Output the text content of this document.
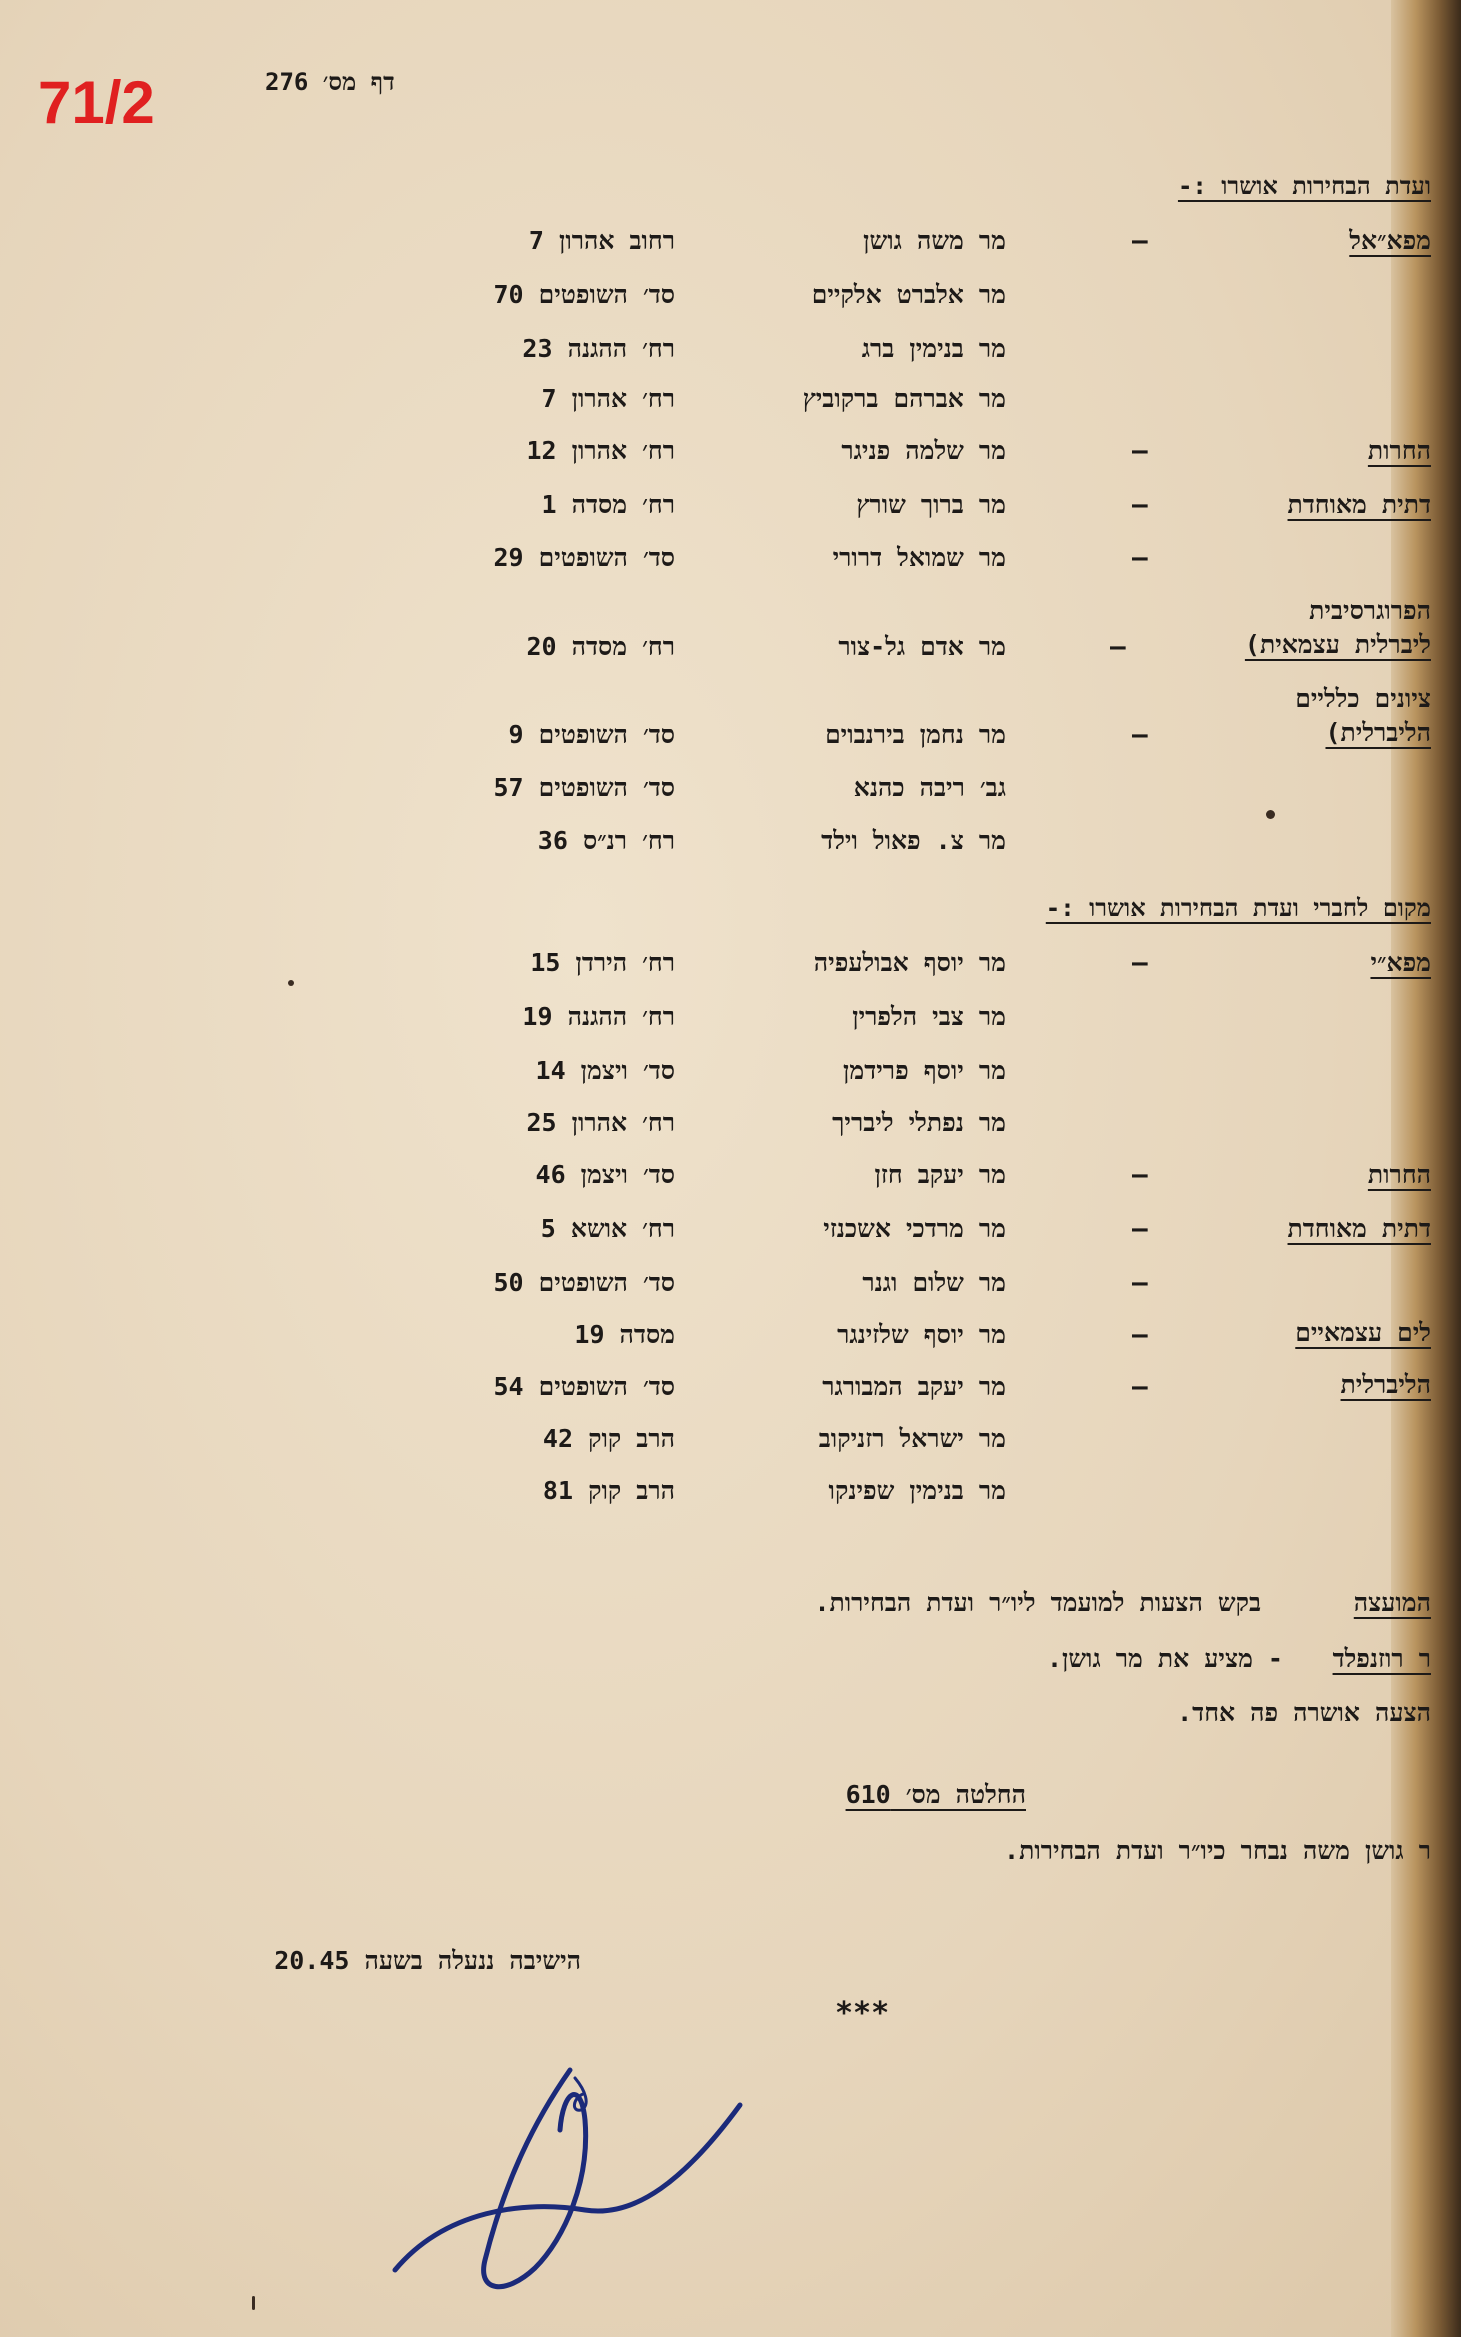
71/2	דף מס׳ 276
ועדת הבחירות אושרו :-
מפא״אל
החרות
דתית מאוחדת
הפרוגרסיבית
ליברלית עצמאית)
ציונים כלליים
הליברלית)
–
–
–
–
–
–
מר משה גושן
רחוב אהרון 7
מר אלברט אלקיים
סד׳ השופטים 70
מר בנימין ברג
רח׳ ההגנה 23
מר אברהם ברקוביץ
רח׳ אהרון 7
מר שלמה פניגר
רח׳ אהרון 12
מר ברוך שורץ
רח׳ מסדה 1
מר שמואל דרורי
סד׳ השופטים 29
מר אדם גל-צור
רח׳ מסדה 20
מר נחמן בירנבוים
סד׳ השופטים 9
גב׳ ריבה כהנא
סד׳ השופטים 57
מר צ. פאול וילד
רח׳ רנ״ס 36
מקום לחברי ועדת הבחירות אושרו :-
מפא״י
החרות
דתית מאוחדת
לים עצמאיים
הליברלית
–
–
–
–
–
–
מר יוסף אבולעפיה
רח׳ הירדן 15
מר צבי הלפרין
רח׳ ההגנה 19
מר יוסף פרידמן
סד׳ ויצמן 14
מר נפתלי ליבריך
רח׳ אהרון 25
מר יעקב חזן
סד׳ ויצמן 46
מר מרדכי אשכנזי
רח׳ אושא 5
מר שלום וגנר
סד׳ השופטים 50
מר יוסף שלזינגר
מסדה 19
מר יעקב המבורגר
סד׳ השופטים 54
מר ישראל רזניקוב
הרב קוק 42
מר בנימין שפינקו
הרב קוק 81
המועצה
בקש הצעות למועמד ליו״ר ועדת הבחירות.
ר רוזנפלד
- מציע את מר גושן.
הצעה אושרה פה אחד.
החלטה מס׳ 610
ר גושן משה נבחר כיו״ר ועדת הבחירות.
הישיבה ננעלה בשעה 20.45
***
